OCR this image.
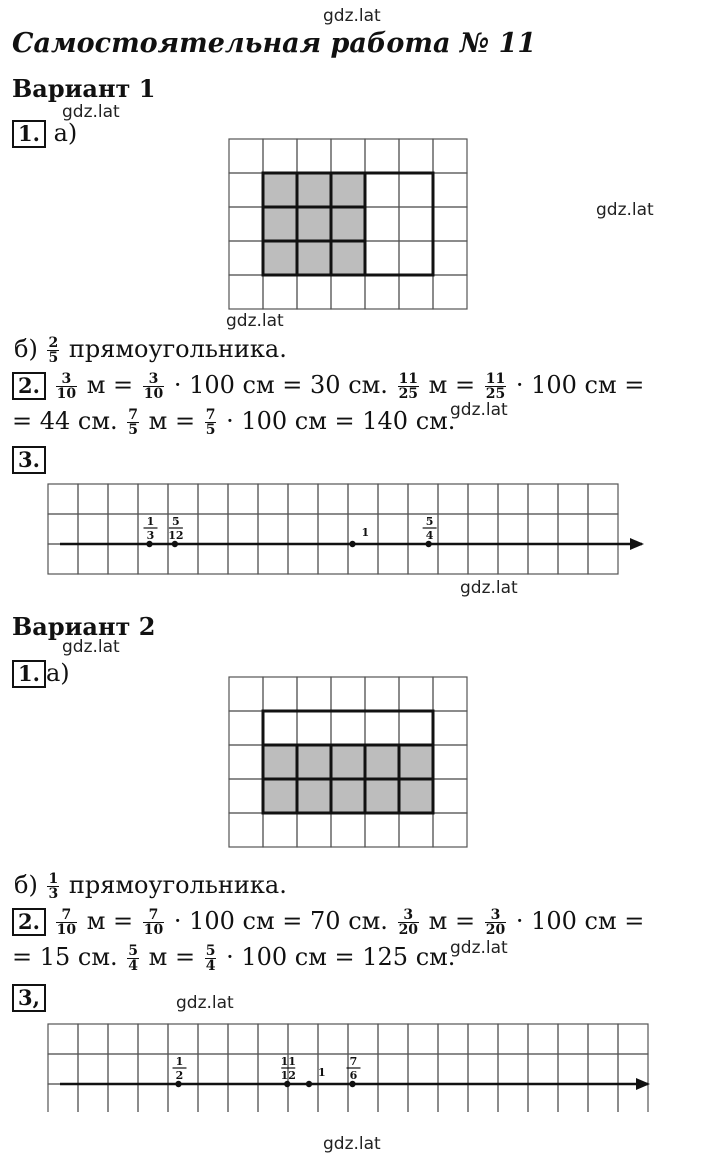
gdz.lat
gdz.lat
gdz.lat
gdz.lat
gdz.lat
gdz.lat
gdz.lat
gdz.lat
gdz.lat
gdz.lat
Самостоятельная работа № 11
Вариант 1
1. а)
$б) \frac{2}{5}$ прямоугольника.
2. $\frac{3}{10}$ $м = \frac{3}{10} \cdot 100$ см = 30 см. $\frac{11}{25}$ $м = \frac{11}{25} \cdot 100$ см =
= 44 см. $\frac{7}{5}$ $м = \frac{7}{5} \cdot 100$ см = 140 см.
3.
1
3
5
12	1
5
4
Вариант 2
1. а)
$б) \frac{1}{3}$ прямоугольника.
2. $\frac{7}{10}$ $м = \frac{7}{10} \cdot 100$ см = 70 см. $\frac{3}{20}$ $м = \frac{3}{20} \cdot 100$ см =
= 15 см. $\frac{5}{4}$ $м = \frac{5}{4} \cdot 100$ см = 125 см.
3,
1
2
11
12 1
7
6
